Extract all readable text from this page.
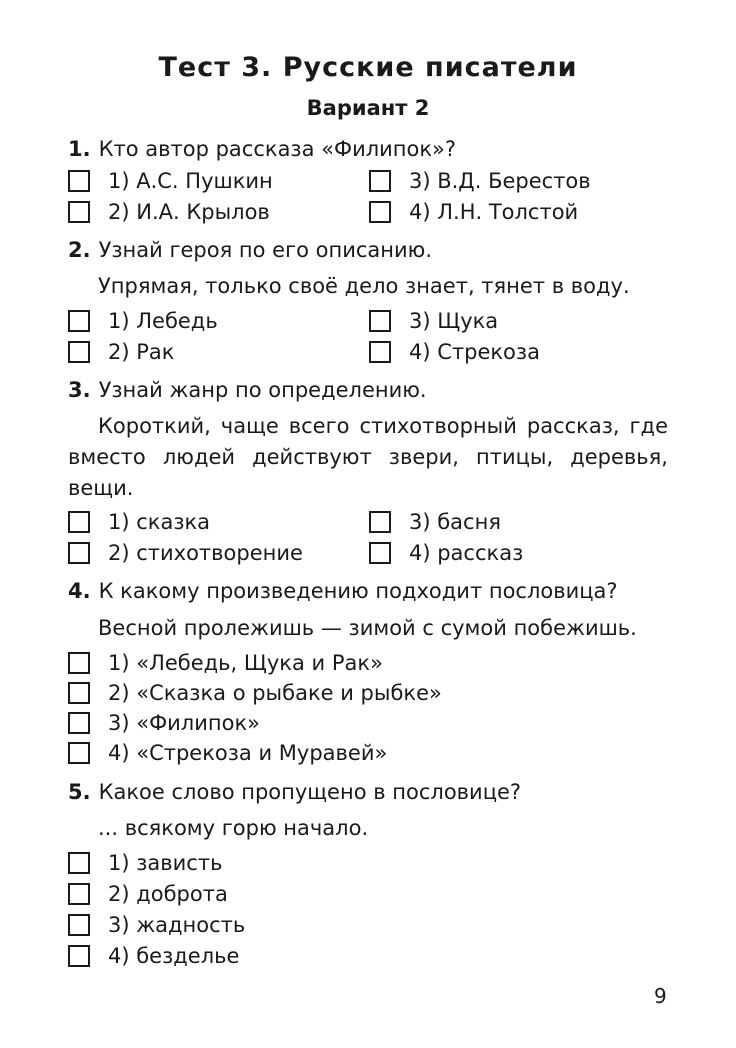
Тест 3. Русские писатели
Вариант 2
1. Кто автор рассказа «Филипок»?
1) А.С. Пушкин
2) И.А. Крылов
3) В.Д. Берестов
4) Л.Н. Толстой
2. Узнай героя по его описанию.
Упрямая, только своё дело знает, тянет в воду.
1) Лебедь
2) Рак
3) Щука
4) Стрекоза
3. Узнай жанр по определению.
Короткий, чаще всего стихотворный рассказ, где вместо людей действуют звери, птицы, деревья, вещи.
1) сказка
2) стихотворение
3) басня
4) рассказ
4. К какому произведению подходит пословица?
Весной пролежишь — зимой с сумой побежишь.
1) «Лебедь, Щука и Рак»
2) «Сказка о рыбаке и рыбке»
3) «Филипок»
4) «Стрекоза и Муравей»
5. Какое слово пропущено в пословице?
... всякому горю начало.
1) зависть
2) доброта
3) жадность
4) безделье
9
